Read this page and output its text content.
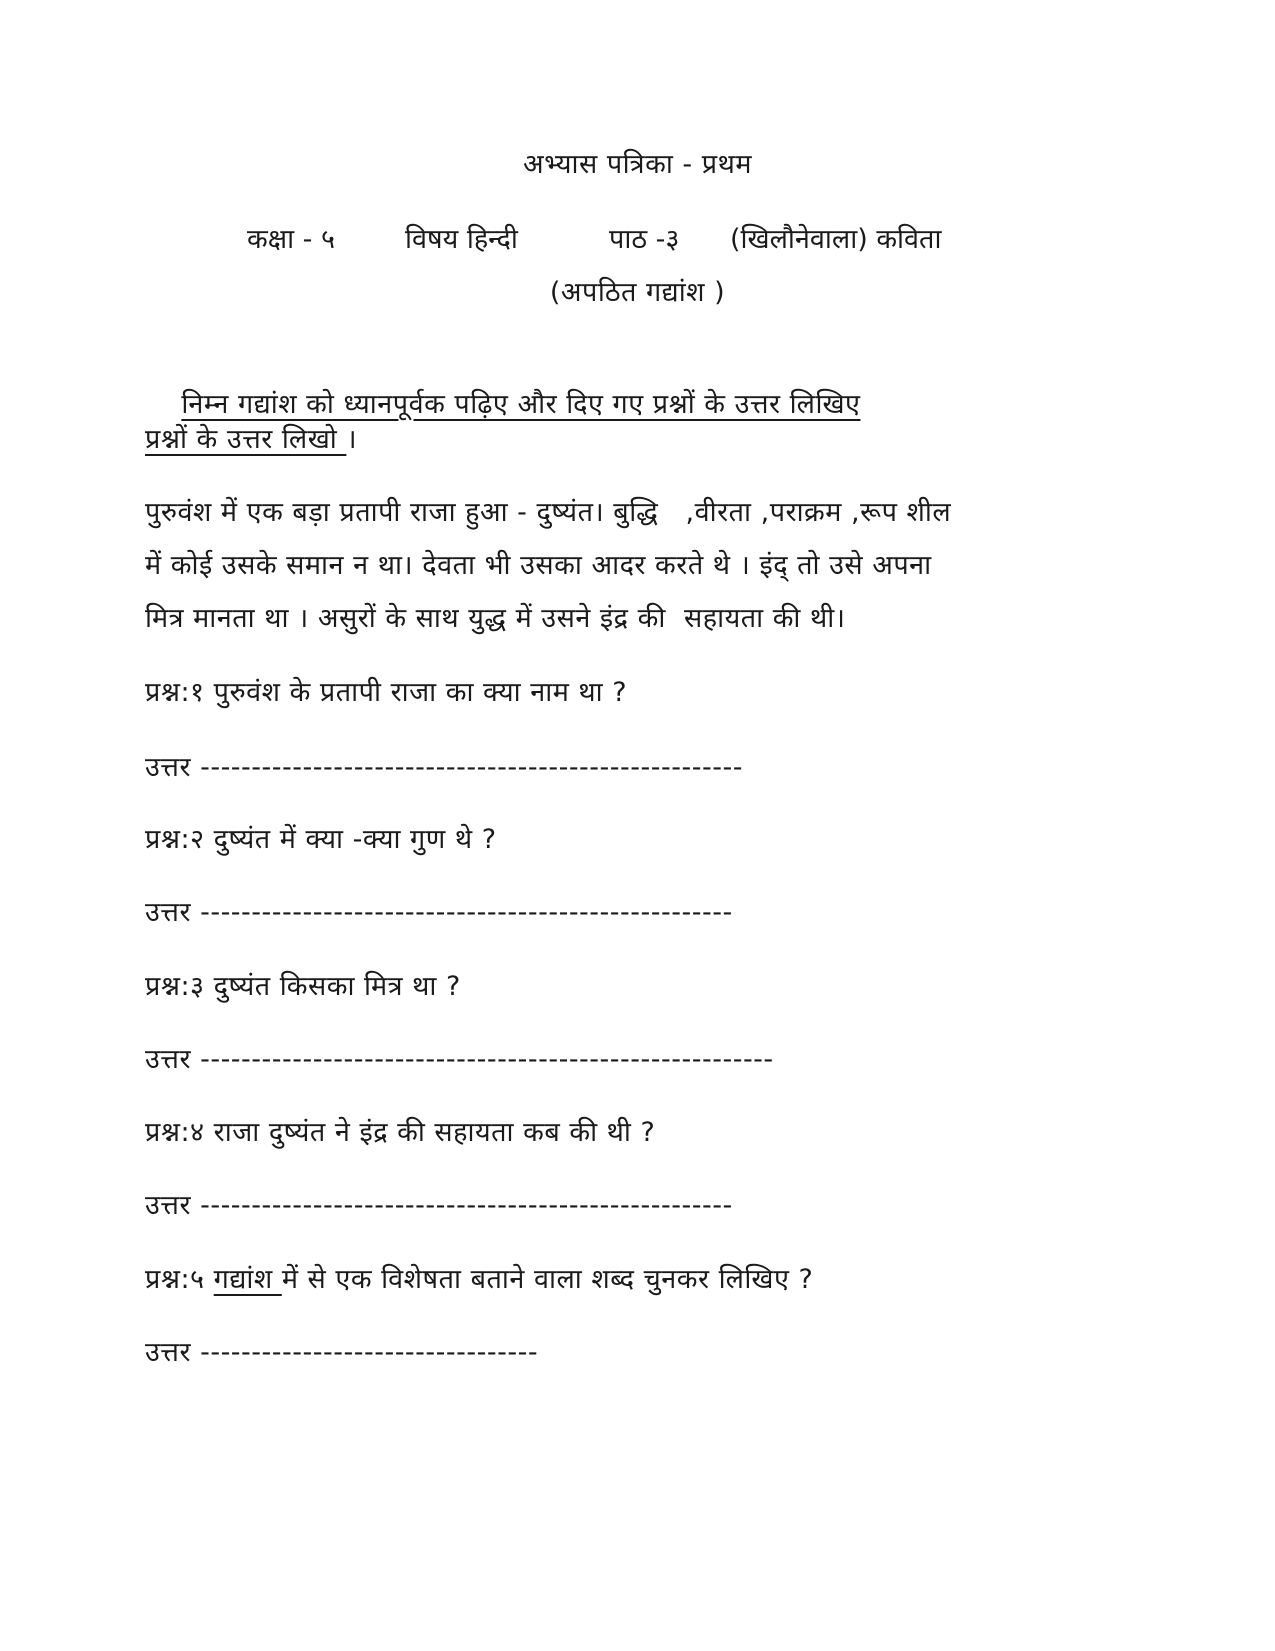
अभ्यास पत्रिका - प्रथम
कक्षा - ५	विषय हिन्दी	पाठ -३ (खिलौनेवाला) कविता
(अपठित गद्यांश )

निम्न गद्यांश को ध्यानपूर्वक पढ़िए और दिए गए प्रश्नों के उत्तर लिखिए

प्रश्नों के उत्तर लिखो ।
पुरुवंश में एक बड़ा प्रतापी राजा हुआ - दुष्यंत। बुद्धि   ,वीरता ,पराक्रम ,रूप शील
में कोई उसके समान न था। देवता भी उसका आदर करते थे । इंद् तो उसे अपना
मित्र मानता था । असुरों के साथ युद्ध में उसने इंद्र की  सहायता की थी।
प्रश्न:१ पुरुवंश के प्रतापी राजा का क्या नाम था ?
उत्तर -----------------------------------------------------
प्रश्न:२ दुष्यंत में क्या -क्या गुण थे ?
उत्तर ----------------------------------------------------
प्रश्न:३ दुष्यंत किसका मित्र था ?
उत्तर --------------------------------------------------------
प्रश्न:४ राजा दुष्यंत ने इंद्र की सहायता कब की थी ?
उत्तर ----------------------------------------------------
प्रश्न:५ गद्यांश में से एक विशेषता बताने वाला शब्द चुनकर लिखिए ?
उत्तर ---------------------------------
